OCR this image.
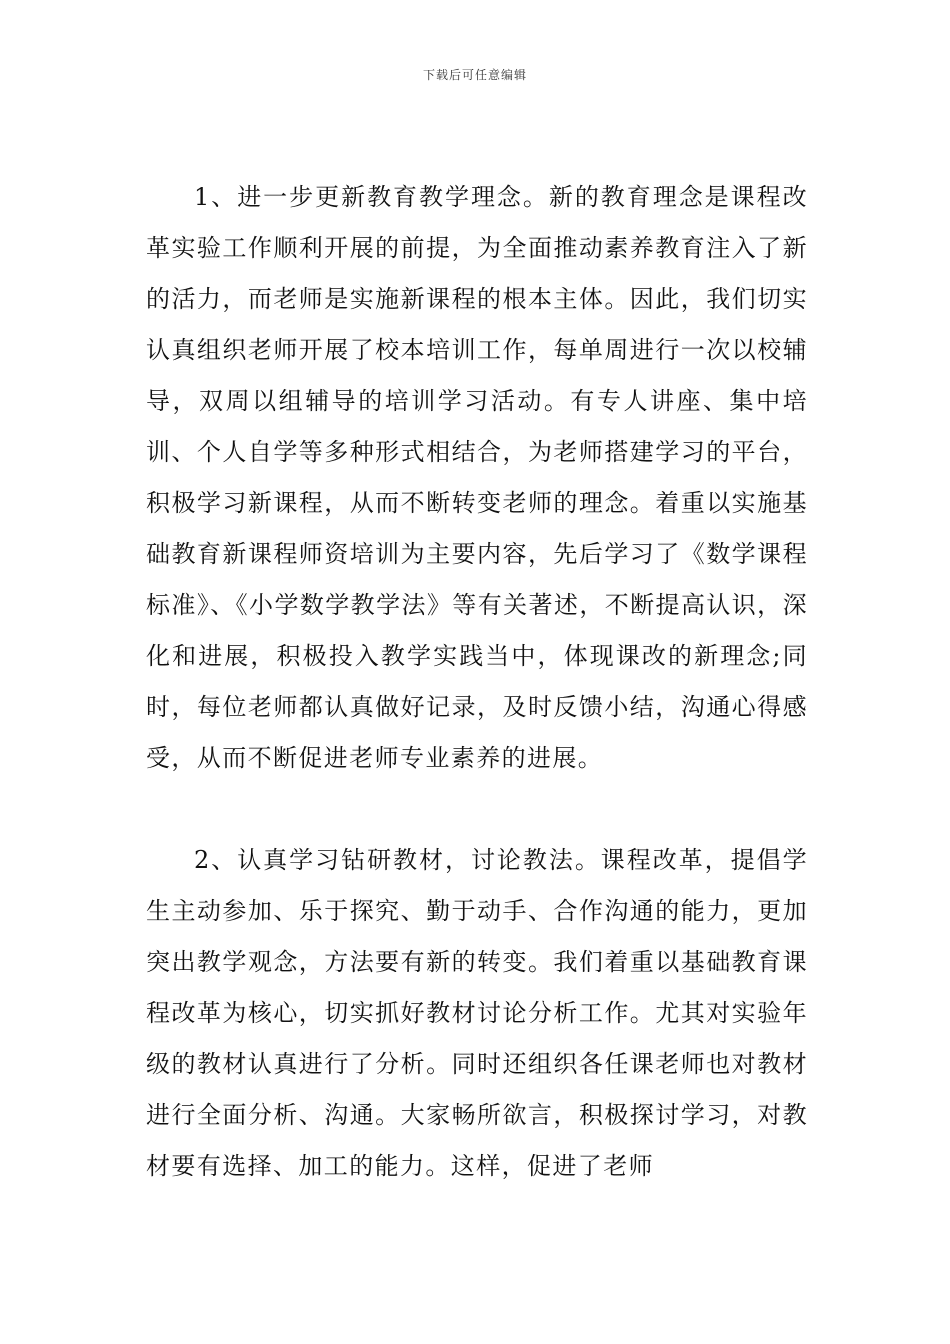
下载后可任意编辑

1、进一步更新教育教学理念。新的教育理念是课程改革实验工作顺利开展的前提，为全面推动素养教育注入了新的活力，而老师是实施新课程的根本主体。因此，我们切实认真组织老师开展了校本培训工作，每单周进行一次以校辅导，双周以组辅导的培训学习活动。有专人讲座、集中培训、个人自学等多种形式相结合，为老师搭建学习的平台，积极学习新课程，从而不断转变老师的理念。着重以实施基础教育新课程师资培训为主要内容，先后学习了《数学课程标准》、《小学数学教学法》等有关著述，不断提高认识，深化和进展，积极投入教学实践当中，体现课改的新理念;同时，每位老师都认真做好记录，及时反馈小结，沟通心得感受，从而不断促进老师专业素养的进展。

2、认真学习钻研教材，讨论教法。课程改革，提倡学生主动参加、乐于探究、勤于动手、合作沟通的能力，更加突出教学观念，方法要有新的转变。我们着重以基础教育课程改革为核心，切实抓好教材讨论分析工作。尤其对实验年级的教材认真进行了分析。同时还组织各任课老师也对教材进行全面分析、沟通。大家畅所欲言，积极探讨学习，对教材要有选择、加工的能力。这样，促进了老师
